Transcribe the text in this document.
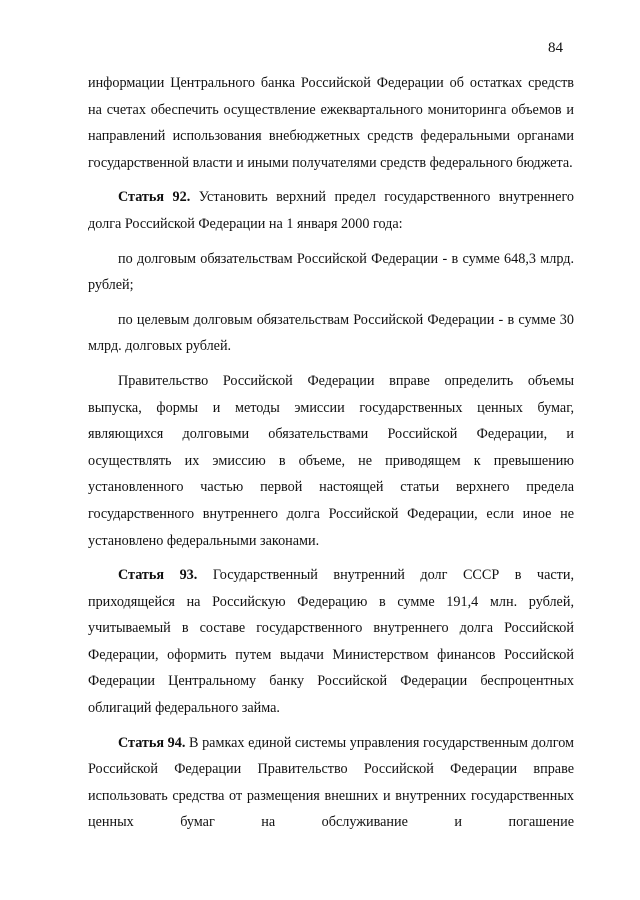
84

информации Центрального банка Российской Федерации об остатках средств на счетах обеспечить осуществление ежеквартального мониторинга объемов и направлений использования внебюджетных средств федеральными органами государственной власти и иными получателями средств федерального бюджета.

Статья 92. Установить верхний предел государственного внутреннего долга Российской Федерации на 1 января 2000 года:

по долговым обязательствам Российской Федерации - в сумме 648,3 млрд. рублей;

по целевым долговым обязательствам Российской Федерации - в сумме 30 млрд. долговых рублей.

Правительство Российской Федерации вправе определить объемы выпуска, формы и методы эмиссии государственных ценных бумаг, являющихся долговыми обязательствами Российской Федерации, и осуществлять их эмиссию в объеме, не приводящем к превышению установленного частью первой настоящей статьи верхнего предела государственного внутреннего долга Российской Федерации, если иное не установлено федеральными законами.

Статья 93. Государственный внутренний долг СССР в части, приходящейся на Российскую Федерацию в сумме 191,4 млн. рублей, учитываемый в составе государственного внутреннего долга Российской Федерации, оформить путем выдачи Министерством финансов Российской Федерации Центральному банку Российской Федерации беспроцентных облигаций федерального займа.

Статья 94. В рамках единой системы управления государственным долгом Российской Федерации Правительство Российской Федерации вправе использовать средства от размещения внешних и внутренних государственных ценных бумаг на обслуживание и погашение
